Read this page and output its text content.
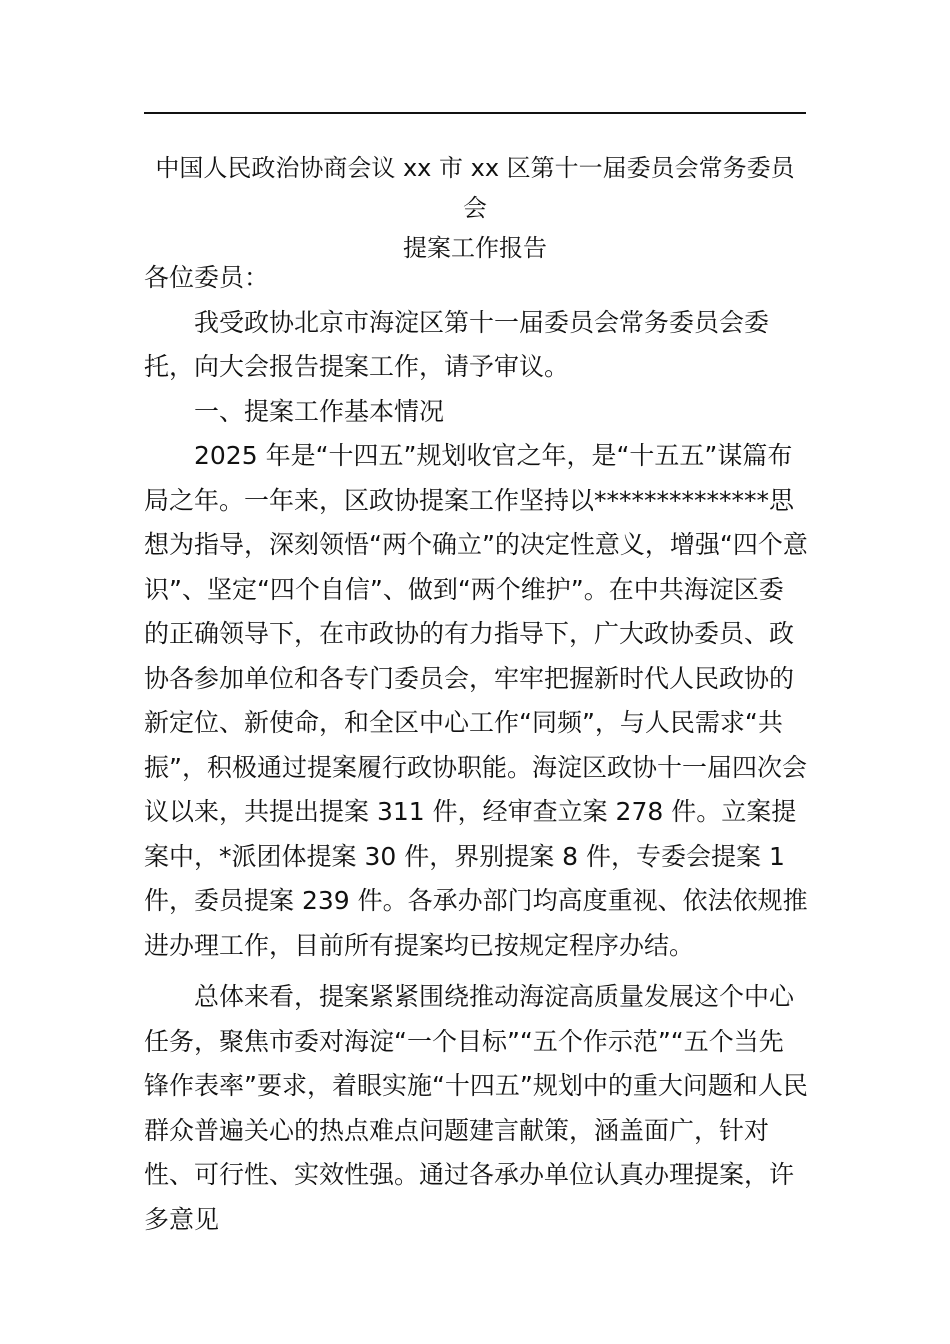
中国人民政治协商会议 xx 市 xx 区第十一届委员会常务委员会
提案工作报告

各位委员：

我受政协北京市海淀区第十一届委员会常务委员会委托，向大会报告提案工作，请予审议。

一、提案工作基本情况

2025 年是“十四五”规划收官之年，是“十五五”谋篇布局之年。一年来，区政协提案工作坚持以**************思想为指导，深刻领悟“两个确立”的决定性意义，增强“四个意识”、坚定“四个自信”、做到“两个维护”。在中共海淀区委的正确领导下，在市政协的有力指导下，广大政协委员、政协各参加单位和各专门委员会，牢牢把握新时代人民政协的新定位、新使命，和全区中心工作“同频”，与人民需求“共振”，积极通过提案履行政协职能。海淀区政协十一届四次会议以来，共提出提案 311 件，经审查立案 278 件。立案提案中，*派团体提案 30 件，界别提案 8 件，专委会提案 1 件，委员提案 239 件。各承办部门均高度重视、依法依规推进办理工作，目前所有提案均已按规定程序办结。

总体来看，提案紧紧围绕推动海淀高质量发展这个中心任务，聚焦市委对海淀“一个目标”“五个作示范”“五个当先锋作表率”要求，着眼实施“十四五”规划中的重大问题和人民群众普遍关心的热点难点问题建言献策，涵盖面广，针对性、可行性、实效性强。通过各承办单位认真办理提案，许多意见
